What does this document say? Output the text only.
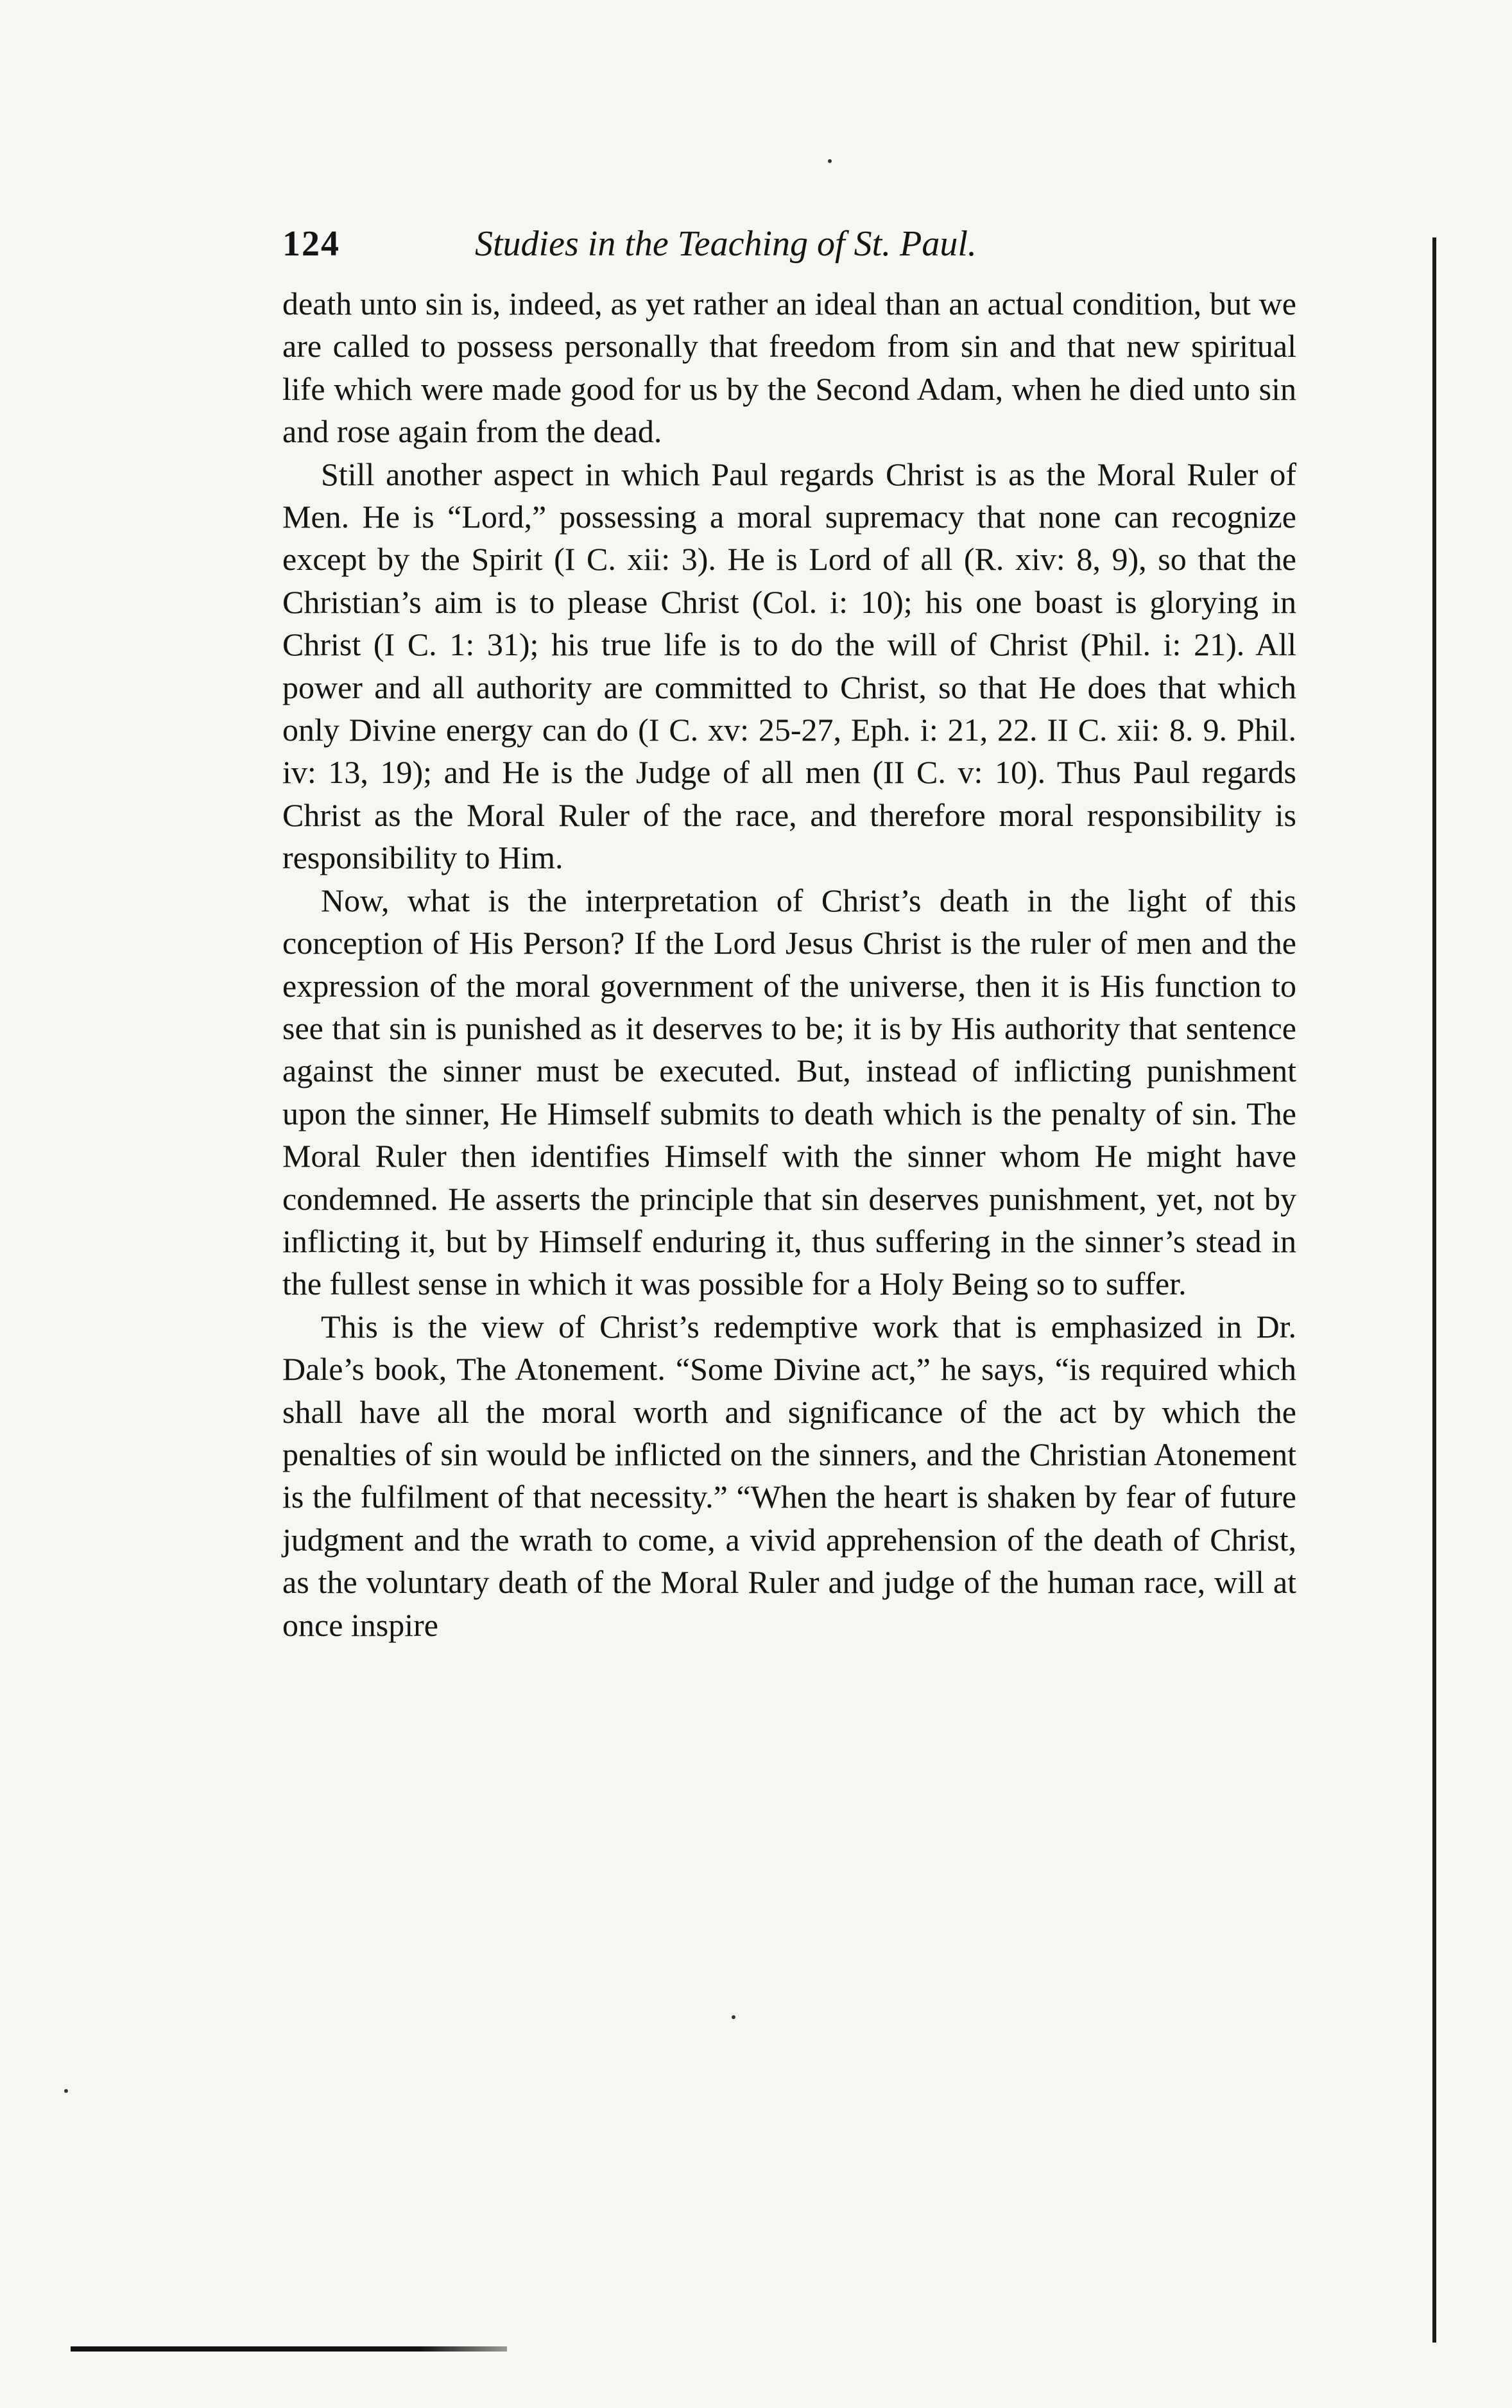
124	Studies in the Teaching of St. Paul.

death unto sin is, indeed, as yet rather an ideal than an actual condition, but we are called to possess personally that freedom from sin and that new spiritual life which were made good for us by the Second Adam, when he died unto sin and rose again from the dead.

Still another aspect in which Paul regards Christ is as the Moral Ruler of Men. He is “Lord,” possessing a moral supremacy that none can recognize except by the Spirit (I C. xii: 3). He is Lord of all (R. xiv: 8, 9), so that the Christian’s aim is to please Christ (Col. i: 10); his one boast is glorying in Christ (I C. 1: 31); his true life is to do the will of Christ (Phil. i: 21). All power and all authority are committed to Christ, so that He does that which only Divine energy can do (I C. xv: 25-27, Eph. i: 21, 22. II C. xii: 8. 9. Phil. iv: 13, 19); and He is the Judge of all men (II C. v: 10). Thus Paul regards Christ as the Moral Ruler of the race, and therefore moral responsibility is responsibility to Him.

Now, what is the interpretation of Christ’s death in the light of this conception of His Person? If the Lord Jesus Christ is the ruler of men and the expression of the moral government of the universe, then it is His function to see that sin is punished as it deserves to be; it is by His authority that sentence against the sinner must be executed. But, instead of inflicting punishment upon the sinner, He Himself submits to death which is the penalty of sin. The Moral Ruler then identifies Himself with the sinner whom He might have condemned. He asserts the principle that sin deserves punishment, yet, not by inflicting it, but by Himself enduring it, thus suffering in the sinner’s stead in the fullest sense in which it was possible for a Holy Being so to suffer.

This is the view of Christ’s redemptive work that is emphasized in Dr. Dale’s book, The Atonement. “Some Divine act,” he says, “is required which shall have all the moral worth and significance of the act by which the penalties of sin would be inflicted on the sinners, and the Christian Atonement is the fulfilment of that necessity.” “When the heart is shaken by fear of future judgment and the wrath to come, a vivid apprehension of the death of Christ, as the voluntary death of the Moral Ruler and judge of the human race, will at once inspire
